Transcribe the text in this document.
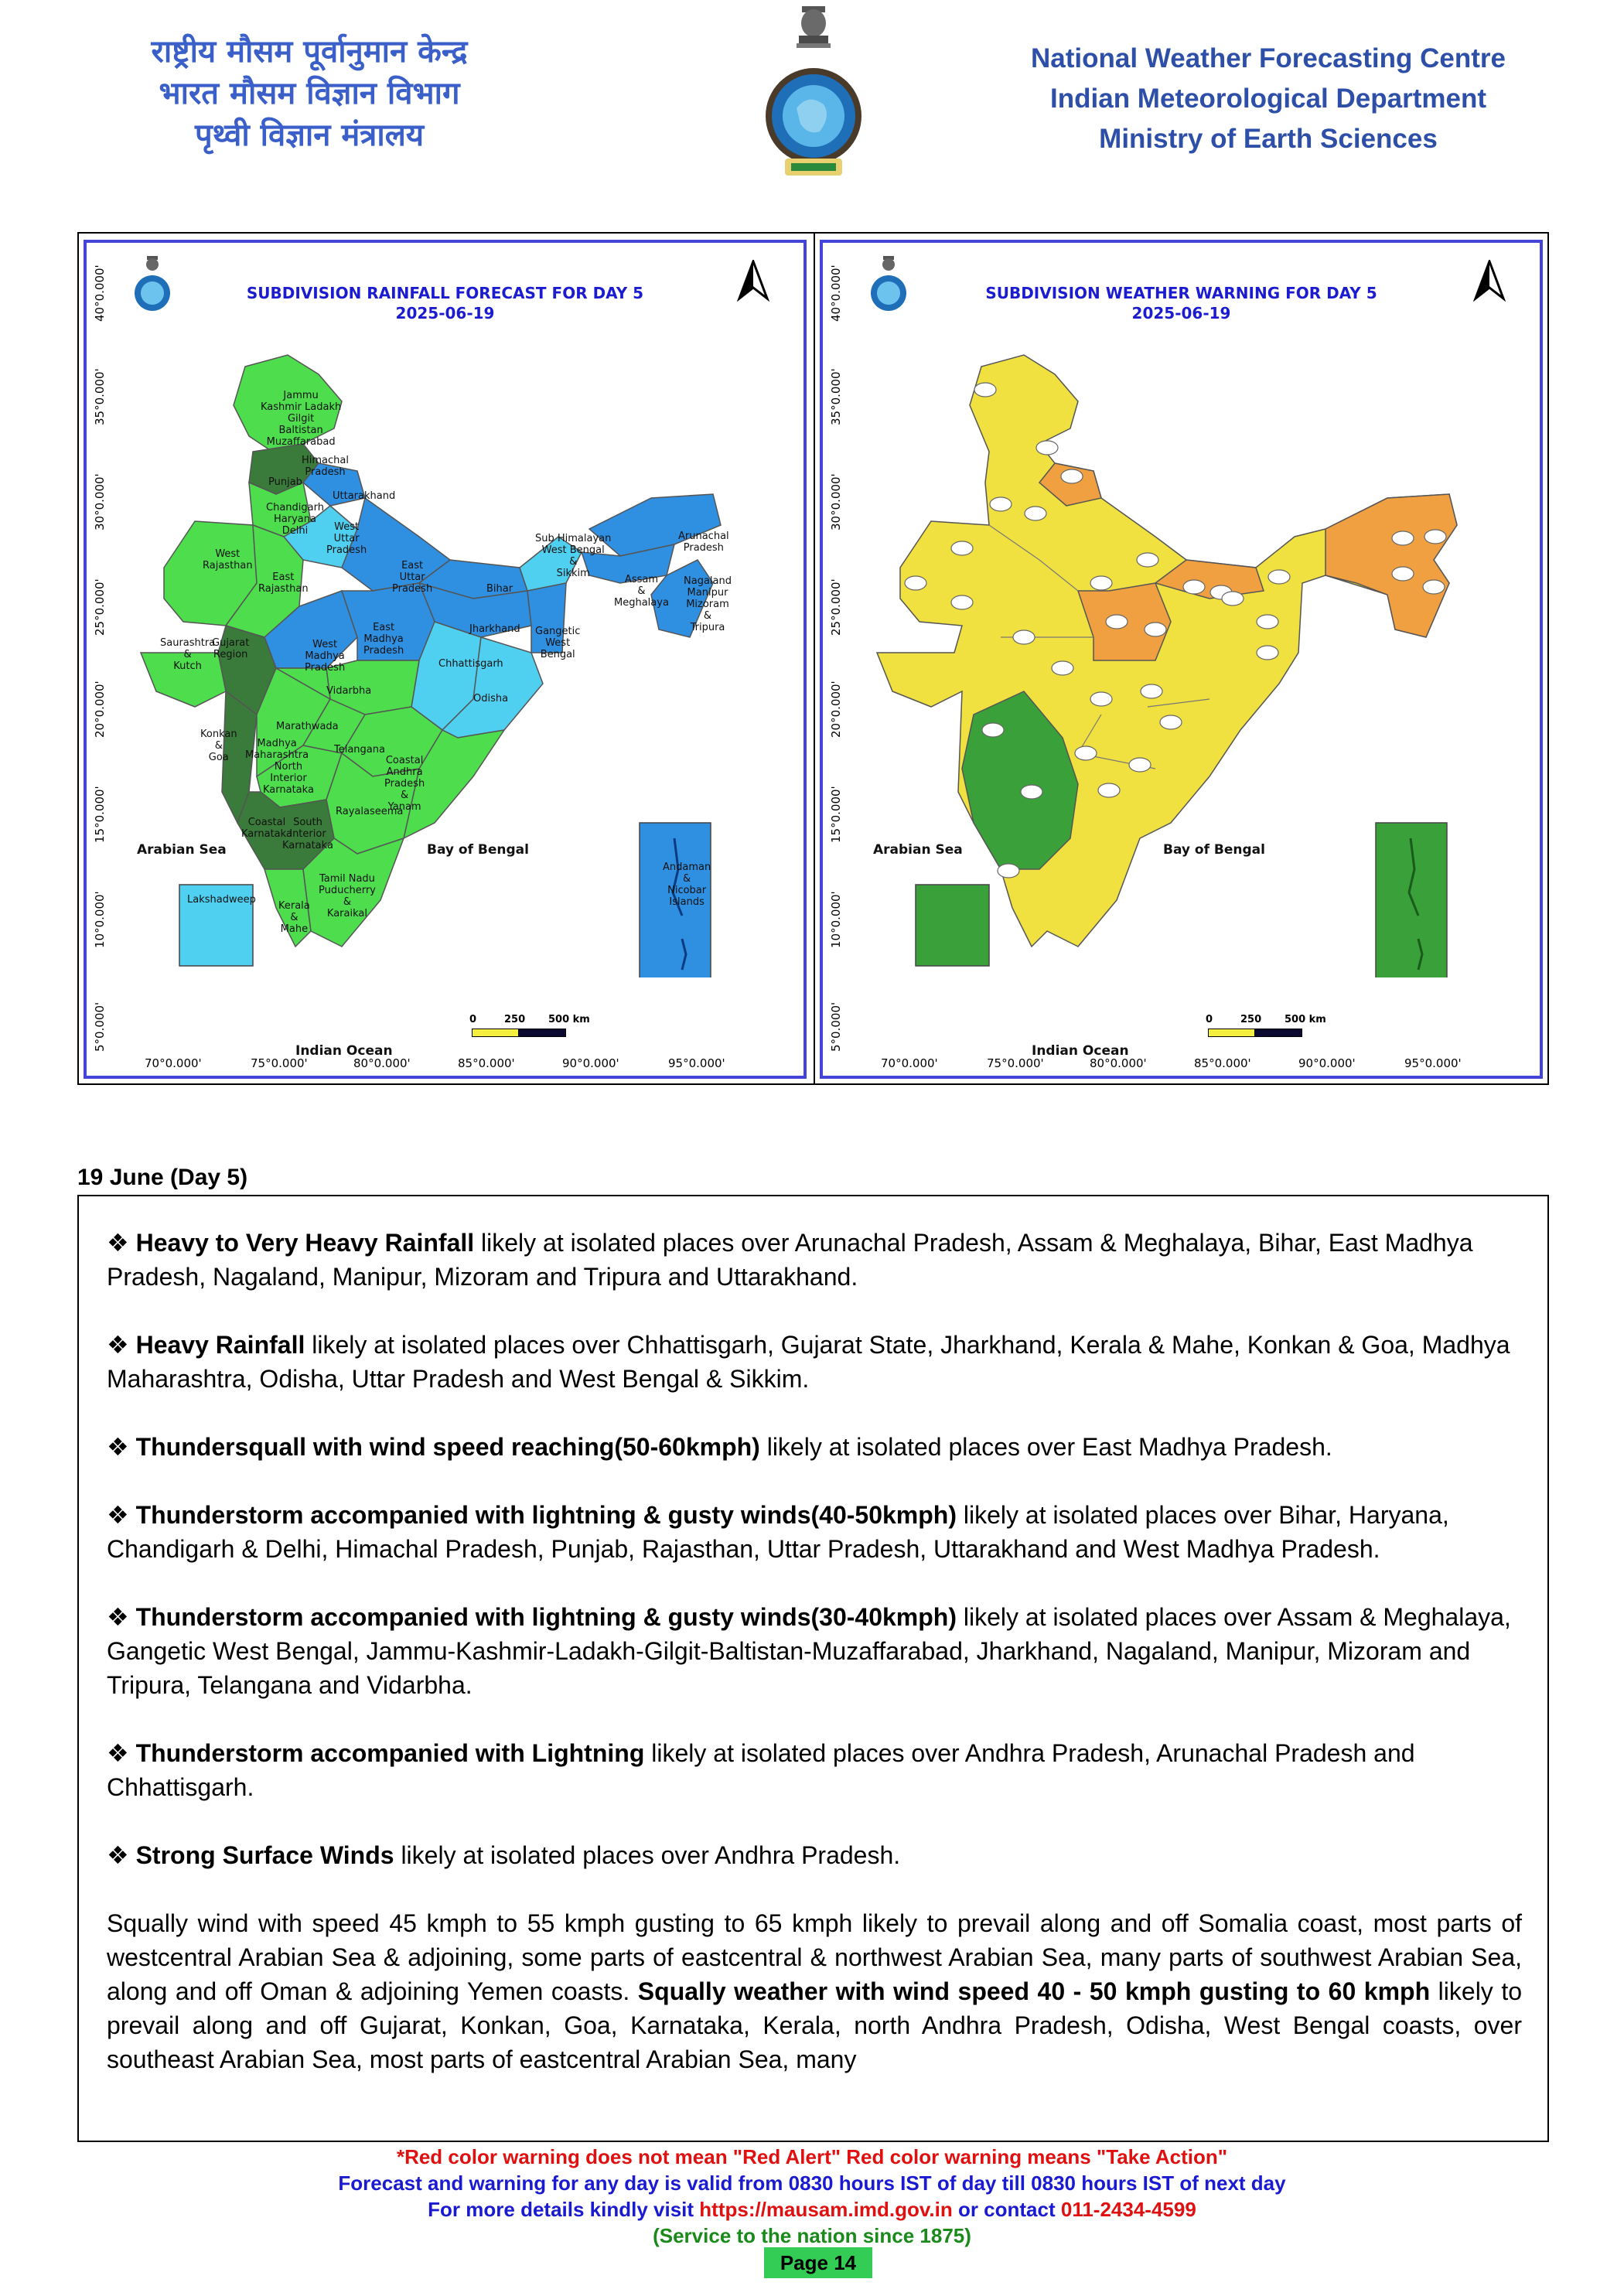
राष्ट्रीय मौसम पूर्वानुमान केन्द्र
भारत मौसम विज्ञान विभाग
पृथ्वी विज्ञान मंत्रालय
National Weather Forecasting Centre
Indian Meteorological Department
Ministry of Earth Sciences
SUBDIVISION RAINFALL FORECAST FOR DAY 5
2025-06-19
40°0.000'
35°0.000'
30°0.000'
25°0.000'
20°0.000'
15°0.000'
10°0.000'
5°0.000'
Jammu
Kashmir Ladakh
Gilgit
Baltistan
Muzaffarabad
Himachal
Pradesh
Punjab
Uttarakhand
Chandigarh
Haryana
Delhi	West
Uttar
Pradesh
West
Rajasthan
East
Rajasthan
East
Uttar
Pradesh	Bihar
Sub Himalayan
West Bengal
&
Sikkim
Arunachal
Pradesh
Assam
&
Meghalaya
Nagaland
Manipur
Mizoram
&
Tripura
Jharkhand Gangetic
West
Bengal
West
Madhya
Pradesh
East
Madhya
Pradesh
Gujarat
Region
Saurashtra
&
Kutch	Chhattisgarh
Vidarbha
Odisha
Konkan
&
Goa
Madhya
Maharashtra
Marathwada
Telangana
North
Interior
Karnataka
Coastal
Andhra
Pradesh
&
Yanam
Rayalaseema
Coastal
Karnataka
South
Interior
Karnataka
Tamil Nadu
Puducherry
&
Karaikal
Kerala
&
Mahe
Lakshadweep
Andaman
&
Nicobar
Islands
Arabian Sea	Bay of Bengal
Indian Ocean
0	250 500 km
70°0.000'	75°0.000'	80°0.000'	85°0.000'	90°0.000'	95°0.000'
SUBDIVISION WEATHER WARNING FOR DAY 5
2025-06-19
40°0.000'
35°0.000'
30°0.000'
25°0.000'
20°0.000'
15°0.000'
10°0.000'
5°0.000'
Arabian Sea	Bay of Bengal
Indian Ocean
0	250 500 km
70°0.000'	75°0.000'	80°0.000'	85°0.000'	90°0.000'	95°0.000'
19 June (Day 5)
❖ Heavy to Very Heavy Rainfall likely at isolated places over Arunachal Pradesh, Assam & Meghalaya, Bihar, East Madhya Pradesh, Nagaland, Manipur, Mizoram and Tripura and Uttarakhand.
❖ Heavy Rainfall likely at isolated places over Chhattisgarh, Gujarat State, Jharkhand, Kerala & Mahe, Konkan & Goa, Madhya Maharashtra, Odisha, Uttar Pradesh and West Bengal & Sikkim.
❖ Thundersquall with wind speed reaching(50-60kmph) likely at isolated places over East Madhya Pradesh.
❖ Thunderstorm accompanied with lightning & gusty winds(40-50kmph) likely at isolated places over Bihar, Haryana, Chandigarh & Delhi, Himachal Pradesh, Punjab, Rajasthan, Uttar Pradesh, Uttarakhand and West Madhya Pradesh.
❖ Thunderstorm accompanied with lightning & gusty winds(30-40kmph) likely at isolated places over Assam & Meghalaya, Gangetic West Bengal, Jammu-Kashmir-Ladakh-Gilgit-Baltistan-Muzaffarabad, Jharkhand, Nagaland, Manipur, Mizoram and Tripura, Telangana and Vidarbha.
❖ Thunderstorm accompanied with Lightning likely at isolated places over Andhra Pradesh, Arunachal Pradesh and Chhattisgarh.
❖ Strong Surface Winds likely at isolated places over Andhra Pradesh.
Squally wind with speed 45 kmph to 55 kmph gusting to 65 kmph likely to prevail along and off Somalia coast, most parts of westcentral Arabian Sea & adjoining, some parts of eastcentral & northwest Arabian Sea, many parts of southwest Arabian Sea, along and off Oman & adjoining Yemen coasts. Squally weather with wind speed 40 - 50 kmph gusting to 60 kmph likely to prevail along and off Gujarat, Konkan, Goa, Karnataka, Kerala, north Andhra Pradesh, Odisha, West Bengal coasts, over southeast Arabian Sea, most parts of eastcentral Arabian Sea, many
*Red color warning does not mean "Red Alert" Red color warning means "Take Action"
Forecast and warning for any day is valid from 0830 hours IST of day till 0830 hours IST of next day
For more details kindly visit https://mausam.imd.gov.in or contact 011-2434-4599
(Service to the nation since 1875)
Page 14
